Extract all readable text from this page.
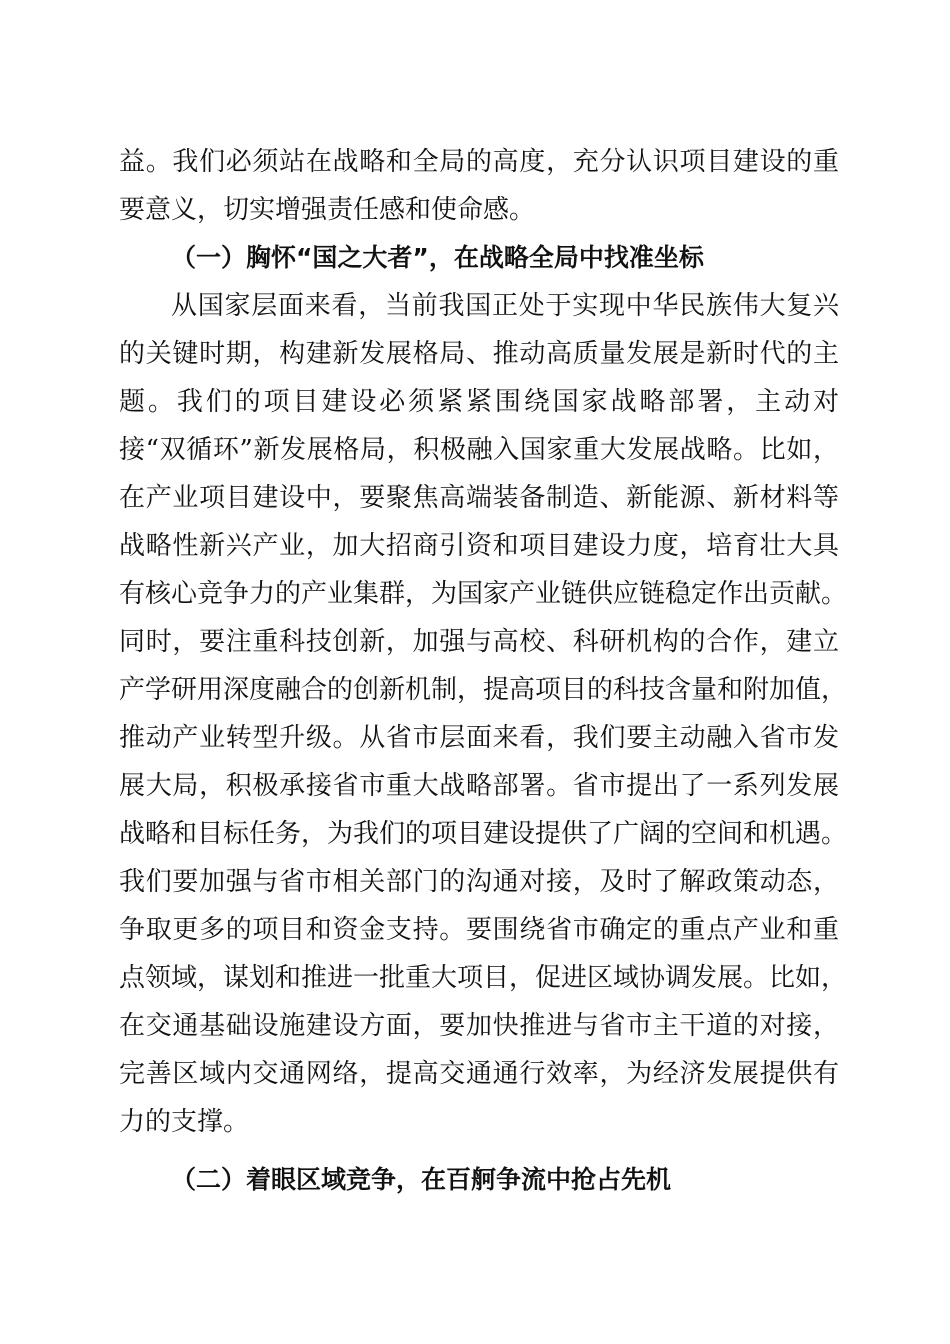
益。我们必须站在战略和全局的高度，充分认识项目建设的重

要意义，切实增强责任感和使命感。

（一）胸怀“国之大者”，在战略全局中找准坐标

从国家层面来看，当前我国正处于实现中华民族伟大复兴

的关键时期，构建新发展格局、推动高质量发展是新时代的主

题。我们的项目建设必须紧紧围绕国家战略部署，主动对

接“双循环”新发展格局，积极融入国家重大发展战略。比如，

在产业项目建设中，要聚焦高端装备制造、新能源、新材料等

战略性新兴产业，加大招商引资和项目建设力度，培育壮大具

有核心竞争力的产业集群，为国家产业链供应链稳定作出贡献。

同时，要注重科技创新，加强与高校、科研机构的合作，建立

产学研用深度融合的创新机制，提高项目的科技含量和附加值，

推动产业转型升级。从省市层面来看，我们要主动融入省市发

展大局，积极承接省市重大战略部署。省市提出了一系列发展

战略和目标任务，为我们的项目建设提供了广阔的空间和机遇。

我们要加强与省市相关部门的沟通对接，及时了解政策动态，

争取更多的项目和资金支持。要围绕省市确定的重点产业和重

点领域，谋划和推进一批重大项目，促进区域协调发展。比如，

在交通基础设施建设方面，要加快推进与省市主干道的对接，

完善区域内交通网络，提高交通通行效率，为经济发展提供有

力的支撑。

（二）着眼区域竞争，在百舸争流中抢占先机
